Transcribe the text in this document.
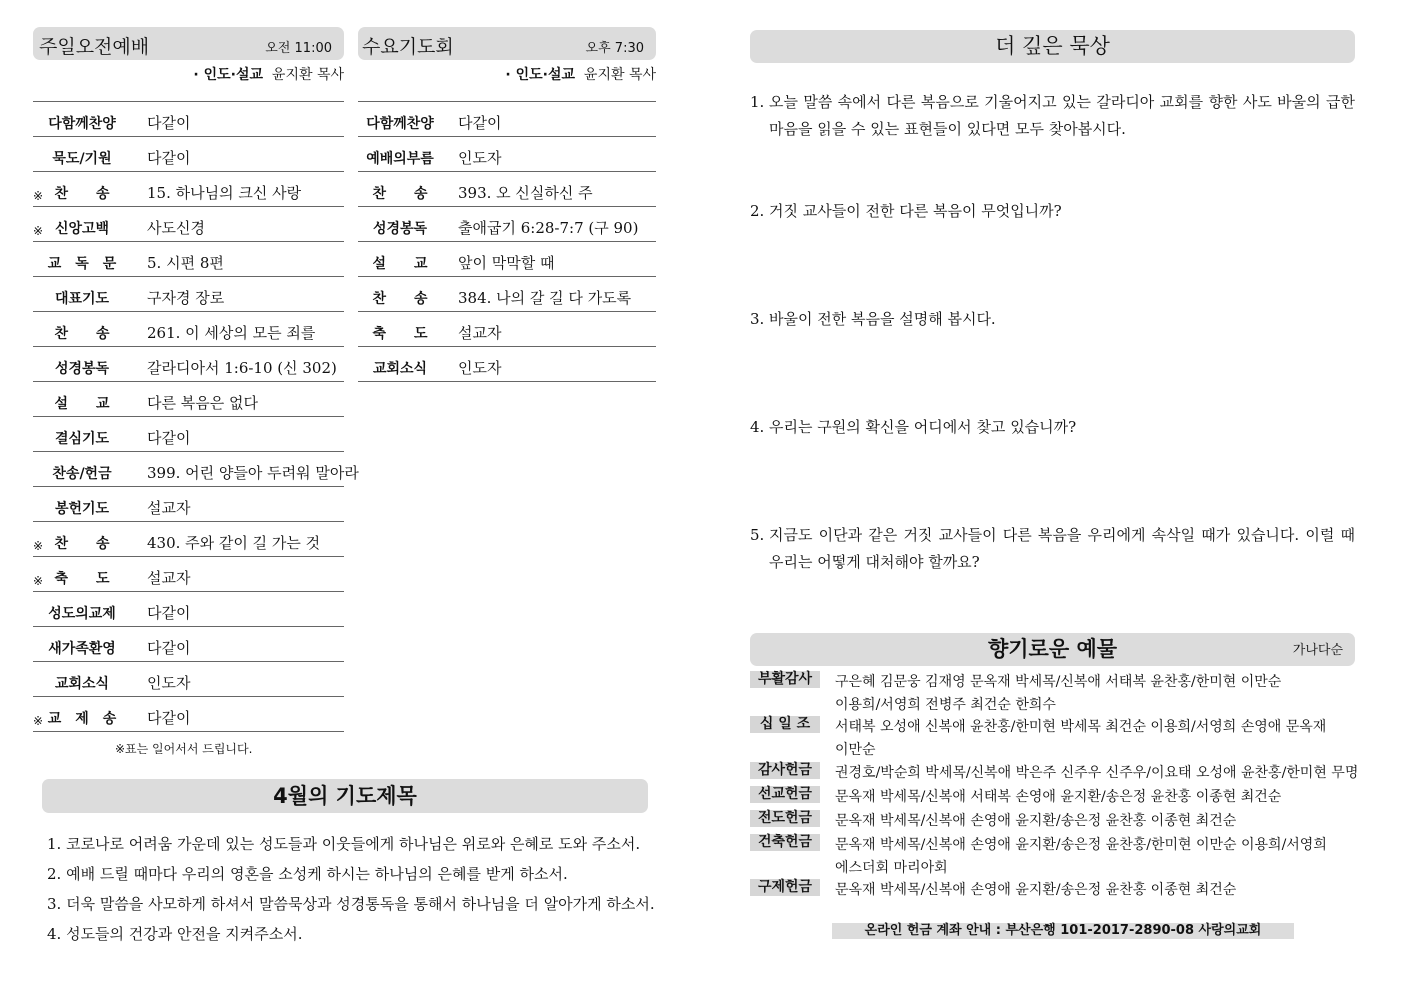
주일오전예배	오전 11:00
· 인도·설교 윤지환 목사
다함께찬양	다같이
묵도/기원	다같이
※ 찬　　송	15. 하나님의 크신 사랑
※ 신앙고백	사도신경
교　독　문	5. 시편 8편
대표기도	구자경 장로
찬　　송	261. 이 세상의 모든 죄를
성경봉독	갈라디아서 1:6-10 (신 302)
설　　교	다른 복음은 없다
결심기도	다같이
찬송/헌금	399. 어린 양들아 두려워 말아라
봉헌기도	설교자
※ 찬　　송	430. 주와 같이 길 가는 것
※ 축　　도	설교자
성도의교제	다같이
새가족환영	다같이
교회소식	인도자
※ 교　제　송	다같이
※표는 일어서서 드립니다.
수요기도회	오후 7:30
· 인도·설교 윤지환 목사
다함께찬양	다같이
예배의부름	인도자
찬　　송	393. 오 신실하신 주
성경봉독	출애굽기 6:28-7:7 (구 90)
설　　교	앞이 막막할 때
찬　　송	384. 나의 갈 길 다 가도록
축　　도	설교자
교회소식	인도자
4월의 기도제목
1. 코로나로 어려움 가운데 있는 성도들과 이웃들에게 하나님은 위로와 은혜로 도와 주소서.
2. 예배 드릴 때마다 우리의 영혼을 소성케 하시는 하나님의 은혜를 받게 하소서.
3. 더욱 말씀을 사모하게 하셔서 말씀묵상과 성경통독을 통해서 하나님을 더 알아가게 하소서.
4. 성도들의 건강과 안전을 지켜주소서.
더 깊은 묵상
1. 오늘 말씀 속에서 다른 복음으로 기울어지고 있는 갈라디아 교회를 향한 사도 바울의 급한 마음을 읽을 수 있는 표현들이 있다면 모두 찾아봅시다.
2. 거짓 교사들이 전한 다른 복음이 무엇입니까?
3. 바울이 전한 복음을 설명해 봅시다.
4. 우리는 구원의 확신을 어디에서 찾고 있습니까?
5. 지금도 이단과 같은 거짓 교사들이 다른 복음을 우리에게 속삭일 때가 있습니다. 이럴 때 우리는 어떻게 대처해야 할까요?
향기로운 예물	가나다순
부활감사	구은혜 김문웅 김재영 문옥재 박세목/신복애 서태복 윤찬홍/한미현 이만순
이용희/서영희 전병주 최건순 한희수
십 일 조	서태복 오성애 신복애 윤찬홍/한미현 박세목 최건순 이용희/서영희 손영애 문옥재
이만순
감사헌금	권경호/박순희 박세목/신복애 박은주 신주우 신주우/이요태 오성애 윤찬홍/한미현 무명
선교헌금	문옥재 박세목/신복애 서태복 손영애 윤지환/송은정 윤찬홍 이종현 최건순
전도헌금	문옥재 박세목/신복애 손영애 윤지환/송은정 윤찬홍 이종현 최건순
건축헌금	문옥재 박세목/신복애 손영애 윤지환/송은정 윤찬홍/한미현 이만순 이용희/서영희
에스더회 마리아회
구제헌금	문옥재 박세목/신복애 손영애 윤지환/송은정 윤찬홍 이종현 최건순
온라인 헌금 계좌 안내 : 부산은행 101-2017-2890-08 사랑의교회
